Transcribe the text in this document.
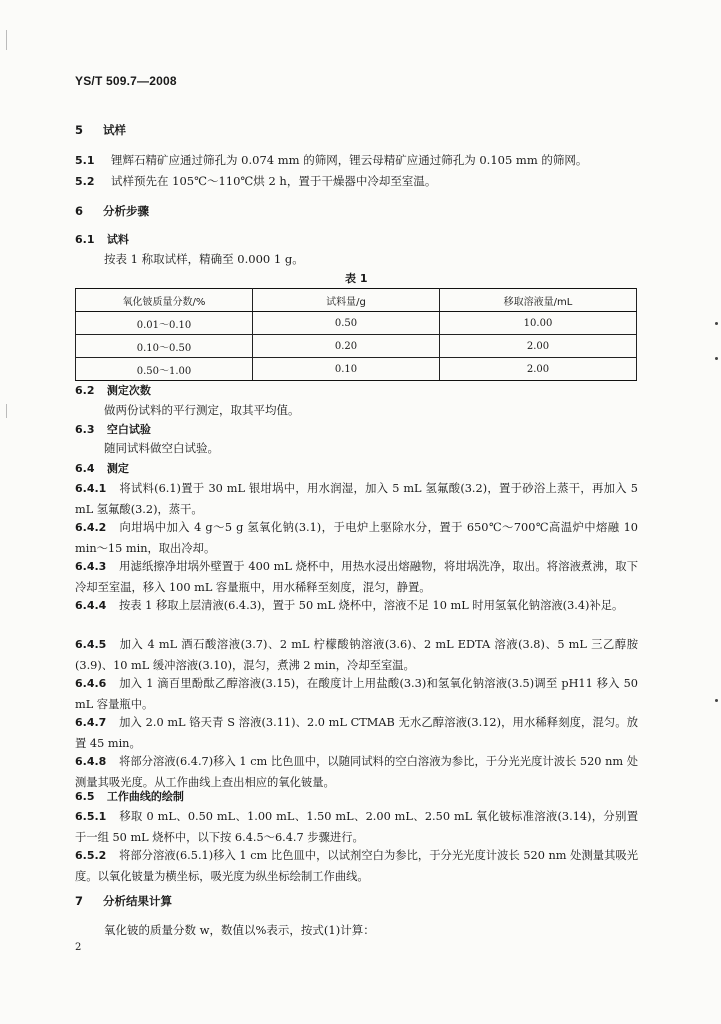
YS/T 509.7—2008
5 试样
5.1 锂辉石精矿应通过筛孔为 0.074 mm 的筛网，锂云母精矿应通过筛孔为 0.105 mm 的筛网。
5.2 试样预先在 105℃～110℃烘 2 h，置于干燥器中冷却至室温。
6 分析步骤
6.1 试料
按表 1 称取试样，精确至 0.000 1 g。
表 1
氧化铍质量分数/%	试料量/g	移取溶液量/mL
0.01～0.10	0.50	10.00
0.10～0.50	0.20	2.00
0.50～1.00	0.10	2.00
6.2 测定次数
做两份试料的平行测定，取其平均值。
6.3 空白试验
随同试料做空白试验。
6.4 测定
6.4.1 将试料(6.1)置于 30 mL 银坩埚中，用水润湿，加入 5 mL 氢氟酸(3.2)，置于砂浴上蒸干，再加入 5 mL 氢氟酸(3.2)，蒸干。
6.4.2 向坩埚中加入 4 g～5 g 氢氧化钠(3.1)，于电炉上驱除水分，置于 650℃～700℃高温炉中熔融 10 min～15 min，取出冷却。
6.4.3 用滤纸擦净坩埚外壁置于 400 mL 烧杯中，用热水浸出熔融物，将坩埚洗净，取出。将溶液煮沸，取下冷却至室温，移入 100 mL 容量瓶中，用水稀释至刻度，混匀，静置。
6.4.4 按表 1 移取上层清液(6.4.3)，置于 50 mL 烧杯中，溶液不足 10 mL 时用氢氧化钠溶液(3.4)补足。
6.4.5 加入 4 mL 酒石酸溶液(3.7)、2 mL 柠檬酸钠溶液(3.6)、2 mL EDTA 溶液(3.8)、5 mL 三乙醇胺(3.9)、10 mL 缓冲溶液(3.10)，混匀，煮沸 2 min，冷却至室温。
6.4.6 加入 1 滴百里酚酞乙醇溶液(3.15)，在酸度计上用盐酸(3.3)和氢氧化钠溶液(3.5)调至 pH11 移入 50 mL 容量瓶中。
6.4.7 加入 2.0 mL 铬天青 S 溶液(3.11)、2.0 mL CTMAB 无水乙醇溶液(3.12)，用水稀释刻度，混匀。放置 45 min。
6.4.8 将部分溶液(6.4.7)移入 1 cm 比色皿中，以随同试料的空白溶液为参比，于分光光度计波长 520 nm 处测量其吸光度。从工作曲线上查出相应的氧化铍量。
6.5 工作曲线的绘制
6.5.1 移取 0 mL、0.50 mL、1.00 mL、1.50 mL、2.00 mL、2.50 mL 氧化铍标准溶液(3.14)，分别置于一组 50 mL 烧杯中，以下按 6.4.5～6.4.7 步骤进行。
6.5.2 将部分溶液(6.5.1)移入 1 cm 比色皿中，以试剂空白为参比，于分光光度计波长 520 nm 处测量其吸光度。以氧化铍量为横坐标，吸光度为纵坐标绘制工作曲线。
7 分析结果计算
氧化铍的质量分数 w，数值以%表示，按式(1)计算：
2
